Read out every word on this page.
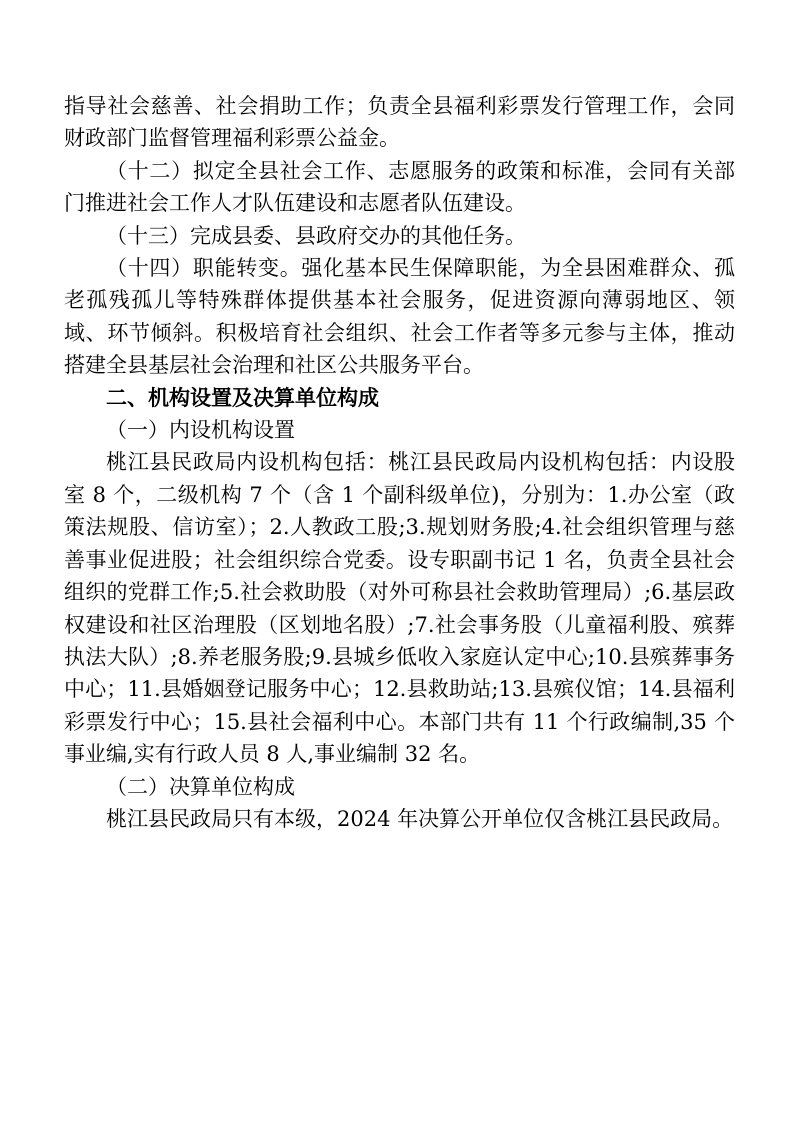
指导社会慈善、社会捐助工作；负责全县福利彩票发行管理工作，会同财政部门监督管理福利彩票公益金。

（十二）拟定全县社会工作、志愿服务的政策和标准，会同有关部门推进社会工作人才队伍建设和志愿者队伍建设。

（十三）完成县委、县政府交办的其他任务。

（十四）职能转变。强化基本民生保障职能，为全县困难群众、孤老孤残孤儿等特殊群体提供基本社会服务，促进资源向薄弱地区、领域、环节倾斜。积极培育社会组织、社会工作者等多元参与主体，推动搭建全县基层社会治理和社区公共服务平台。

二、机构设置及决算单位构成

（一）内设机构设置

桃江县民政局内设机构包括：桃江县民政局内设机构包括：内设股室 8 个，二级机构 7 个（含 1 个副科级单位)，分别为：1.办公室（政策法规股、信访室）；2.人教政工股;3.规划财务股;4.社会组织管理与慈善事业促进股；社会组织综合党委。设专职副书记 1 名，负责全县社会组织的党群工作;5.社会救助股（对外可称县社会救助管理局）;6.基层政权建设和社区治理股（区划地名股）;7.社会事务股（儿童福利股、殡葬执法大队）;8.养老服务股;9.县城乡低收入家庭认定中心;10.县殡葬事务中心；11.县婚姻登记服务中心；12.县救助站;13.县殡仪馆；14.县福利彩票发行中心；15.县社会福利中心。本部门共有 11 个行政编制,35 个事业编,实有行政人员 8 人,事业编制 32 名。

（二）决算单位构成

桃江县民政局只有本级，2024 年决算公开单位仅含桃江县民政局。
